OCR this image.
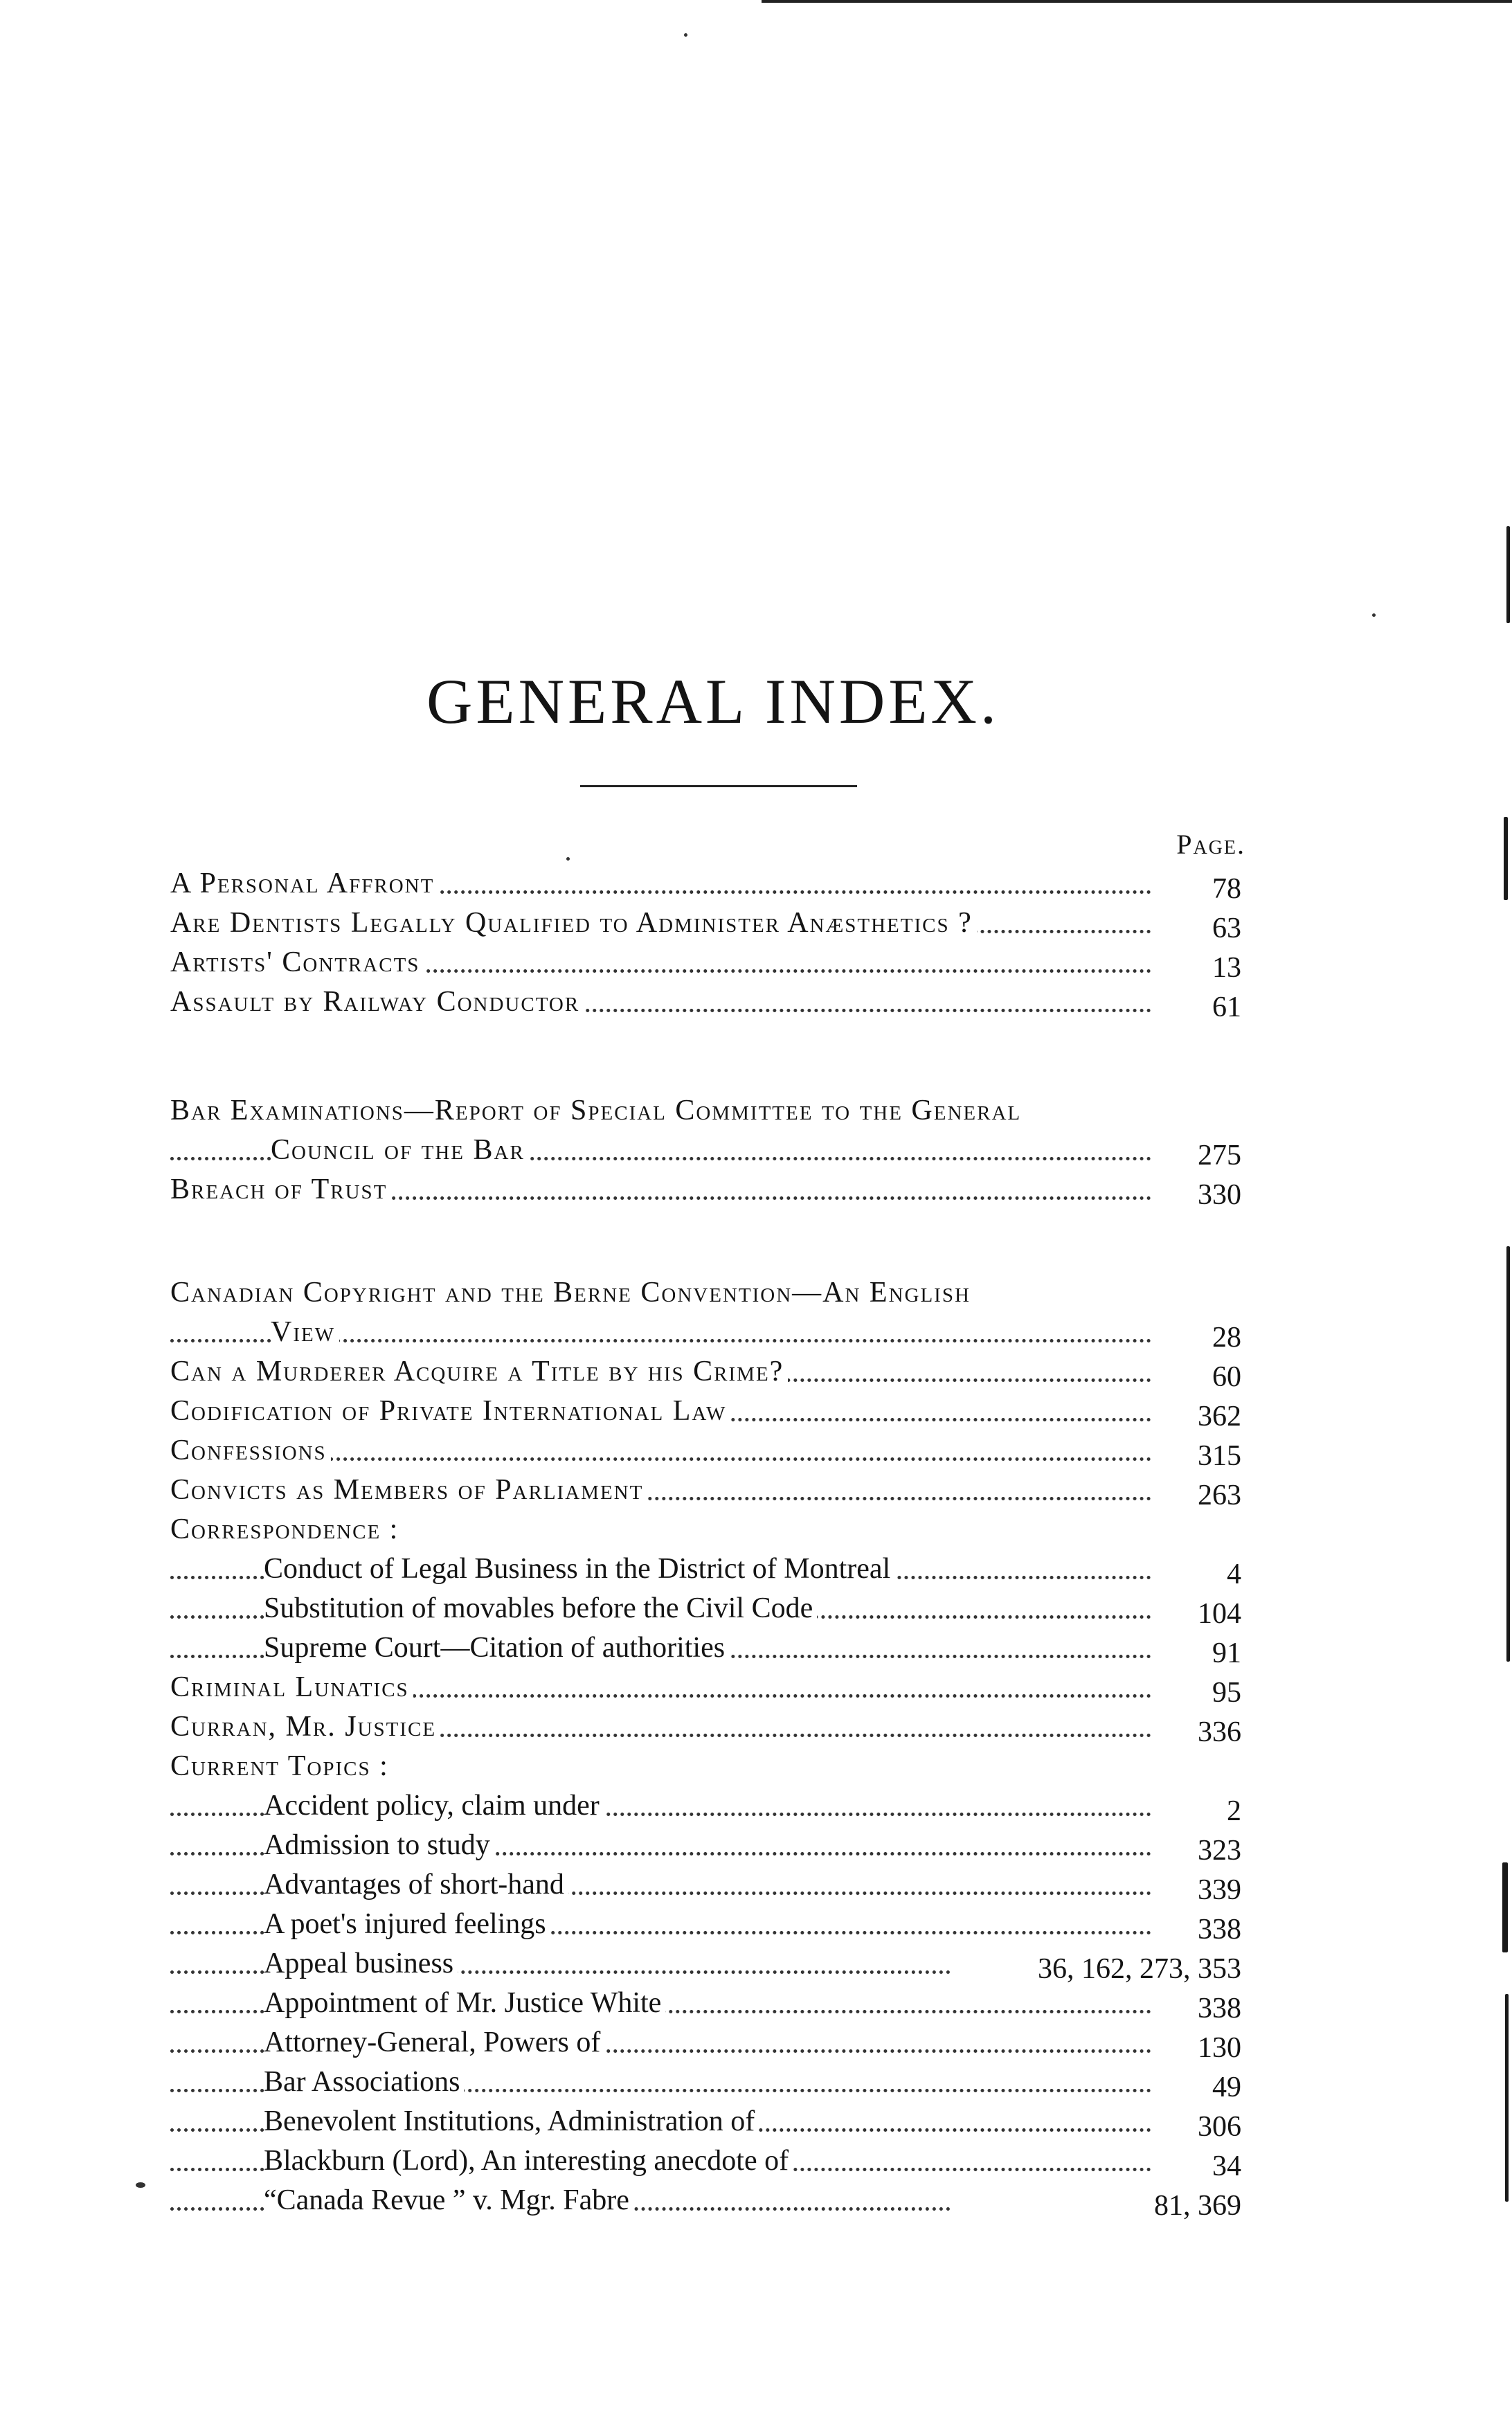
GENERAL INDEX.
Page.
A Personal Affront	78
Are Dentists Legally Qualified to Administer Anæsthetics ?	63
Artists' Contracts	13
Assault by Railway Conductor	61
Bar Examinations—Report of Special Committee to the General
Council of the Bar	275
Breach of Trust	330
Canadian Copyright and the Berne Convention—An English
View	28
Can a Murderer Acquire a Title by his Crime?	60
Codification of Private International Law	362
Confessions	315
Convicts as Members of Parliament	263
Correspondence :
Conduct of Legal Business in the District of Montreal	4
Substitution of movables before the Civil Code	104
Supreme Court—Citation of authorities	91
Criminal Lunatics	95
Curran, Mr. Justice	336
Current Topics :
Accident policy, claim under	2
Admission to study	323
Advantages of short-hand	339
A poet's injured feelings	338
Appeal business	36, 162, 273, 353
Appointment of Mr. Justice White	338
Attorney-General, Powers of	130
Bar Associations	49
Benevolent Institutions, Administration of	306
Blackburn (Lord), An interesting anecdote of	34
“Canada Revue ” v. Mgr. Fabre	81, 369
